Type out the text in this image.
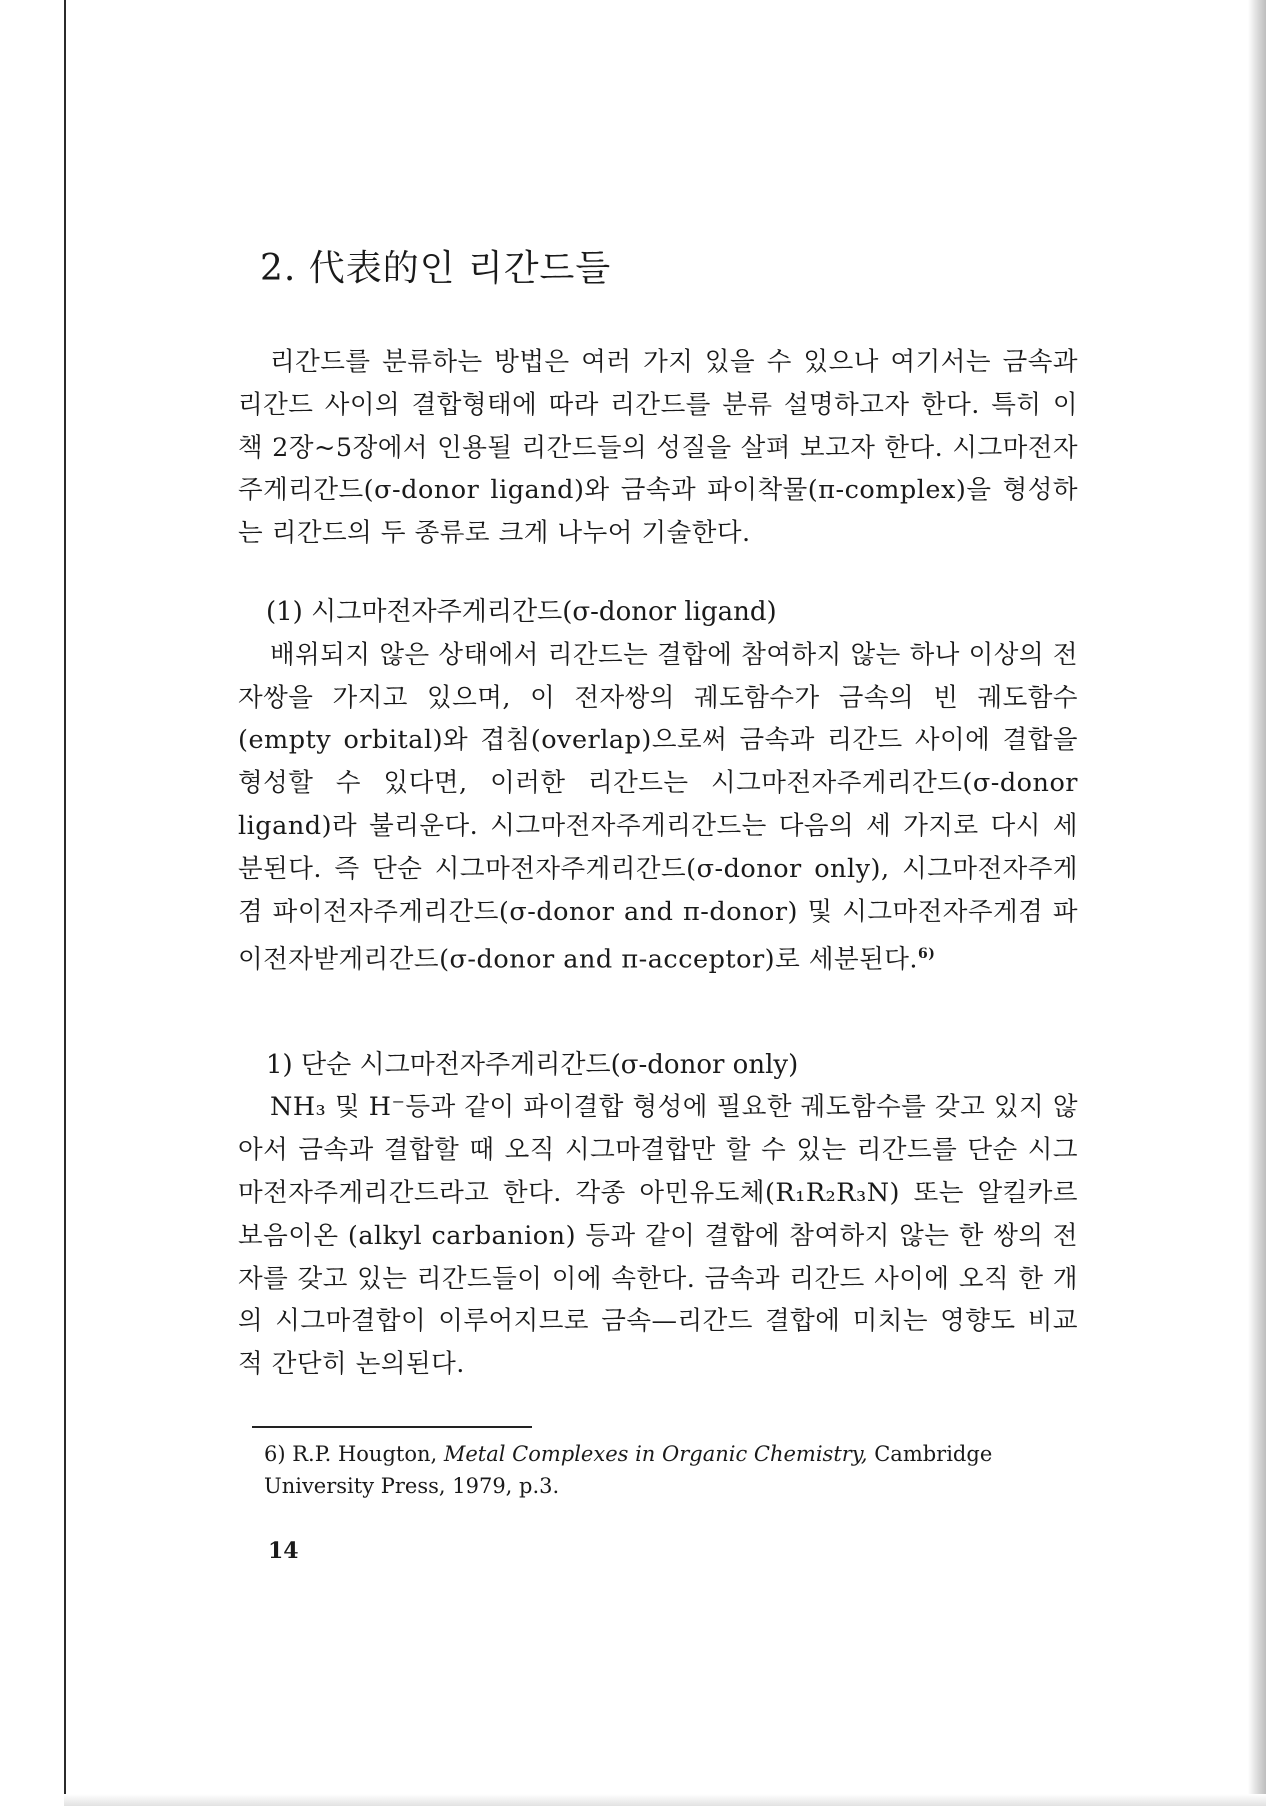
2. 代表的인 리간드들

리간드를 분류하는 방법은 여러 가지 있을 수 있으나 여기서는 금속과 리간드 사이의 결합형태에 따라 리간드를 분류 설명하고자 한다. 특히 이 책 2장~5장에서 인용될 리간드들의 성질을 살펴 보고자 한다. 시그마전자주게리간드(σ-donor ligand)와 금속과 파이착물(π-complex)을 형성하는 리간드의 두 종류로 크게 나누어 기술한다.

(1) 시그마전자주게리간드(σ-donor ligand)

배위되지 않은 상태에서 리간드는 결합에 참여하지 않는 하나 이상의 전자쌍을 가지고 있으며, 이 전자쌍의 궤도함수가 금속의 빈 궤도함수(empty orbital)와 겹침(overlap)으로써 금속과 리간드 사이에 결합을 형성할 수 있다면, 이러한 리간드는 시그마전자주게리간드(σ-donor ligand)라 불리운다. 시그마전자주게리간드는 다음의 세 가지로 다시 세분된다. 즉 단순 시그마전자주게리간드(σ-donor only), 시그마전자주게겸 파이전자주게리간드(σ-donor and π-donor) 및 시그마전자주게겸 파이전자받게리간드(σ-donor and π-acceptor)로 세분된다.$^{6)}$

1) 단순 시그마전자주게리간드(σ-donor only)

NH₃ 및 H⁻등과 같이 파이결합 형성에 필요한 궤도함수를 갖고 있지 않아서 금속과 결합할 때 오직 시그마결합만 할 수 있는 리간드를 단순 시그마전자주게리간드라고 한다. 각종 아민유도체(R₁R₂R₃N) 또는 알킬카르보음이온 (alkyl carbanion) 등과 같이 결합에 참여하지 않는 한 쌍의 전자를 갖고 있는 리간드들이 이에 속한다. 금속과 리간드 사이에 오직 한 개의 시그마결합이 이루어지므로 금속—리간드 결합에 미치는 영향도 비교적 간단히 논의된다.

6) R.P. Hougton, Metal Complexes in Organic Chemistry, Cambridge University Press, 1979, p.3.
14
